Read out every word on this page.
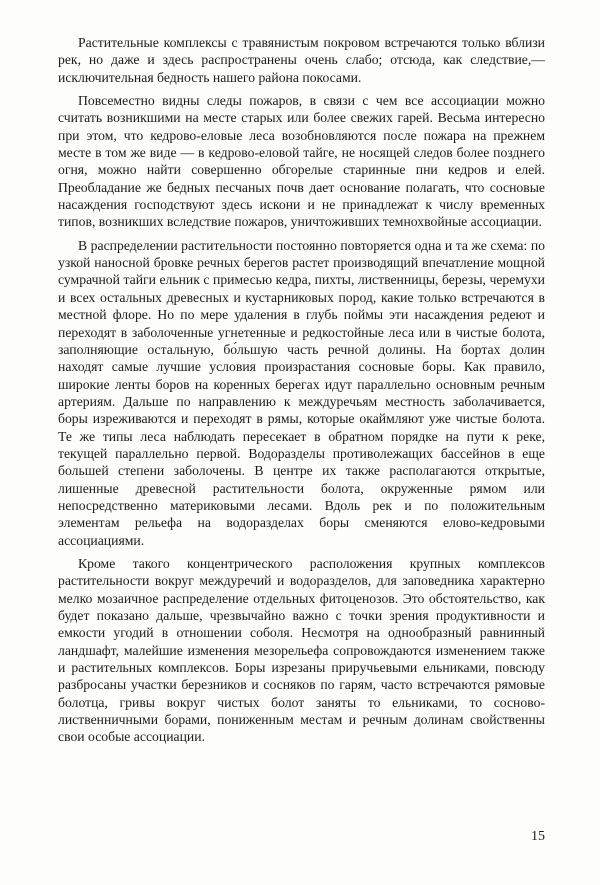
Растительные комплексы с травянистым покровом встречаются только вблизи рек, но даже и здесь распространены очень слабо; отсюда, как следствие,— исключительная бедность нашего района покосами.

Повсеместно видны следы пожаров, в связи с чем все ассоциации можно считать возникшими на месте старых или более свежих гарей. Весьма интересно при этом, что кедрово-еловые леса возобновляются после пожара на прежнем месте в том же виде — в кедрово-еловой тайге, не носящей следов более позднего огня, можно найти совершенно обгорелые старинные пни кедров и елей. Преобладание же бедных песчаных почв дает основание полагать, что сосновые насаждения господствуют здесь искони и не принадлежат к числу временных типов, возникших вследствие пожаров, уничтоживших темнохвойные ассоциации.

В распределении растительности постоянно повторяется одна и та же схема: по узкой наносной бровке речных берегов растет производящий впечатление мощной сумрачной тайги ельник с примесью кедра, пихты, лиственницы, березы, черемухи и всех остальных древесных и кустарниковых пород, какие только встречаются в местной флоре. Но по мере удаления в глубь поймы эти насаждения редеют и переходят в заболоченные угнетенные и редкостойные леса или в чистые болота, заполняющие остальную, бо́льшую часть речной долины. На бортах долин находят самые лучшие условия произрастания сосновые боры. Как правило, широкие ленты боров на коренных берегах идут параллельно основным речным артериям. Дальше по направлению к междуречьям местность заболачивается, боры изреживаются и переходят в рямы, которые окаймляют уже чистые болота. Те же типы леса наблюдать пересекает в обратном порядке на пути к реке, текущей параллельно первой. Водоразделы противолежащих бассейнов в еще большей степени заболочены. В центре их также располагаются открытые, лишенные древесной растительности болота, окруженные рямом или непосредственно материковыми лесами. Вдоль рек и по положительным элементам рельефа на водоразделах боры сменяются елово-кедровыми ассоциациями.

Кроме такого концентрического расположения крупных комплексов растительности вокруг междуречий и водоразделов, для заповедника характерно мелко мозаичное распределение отдельных фитоценозов. Это обстоятельство, как будет показано дальше, чрезвычайно важно с точки зрения продуктивности и емкости угодий в отношении соболя. Несмотря на однообразный равнинный ландшафт, малейшие изменения мезорельефа сопровождаются изменением также и растительных комплексов. Боры изрезаны приручьевыми ельниками, повсюду разбросаны участки березников и сосняков по гарям, часто встречаются рямовые болотца, гривы вокруг чистых болот заняты то ельниками, то сосново-лиственничными борами, пониженным местам и речным долинам свойственны свои особые ассоциации.

15
